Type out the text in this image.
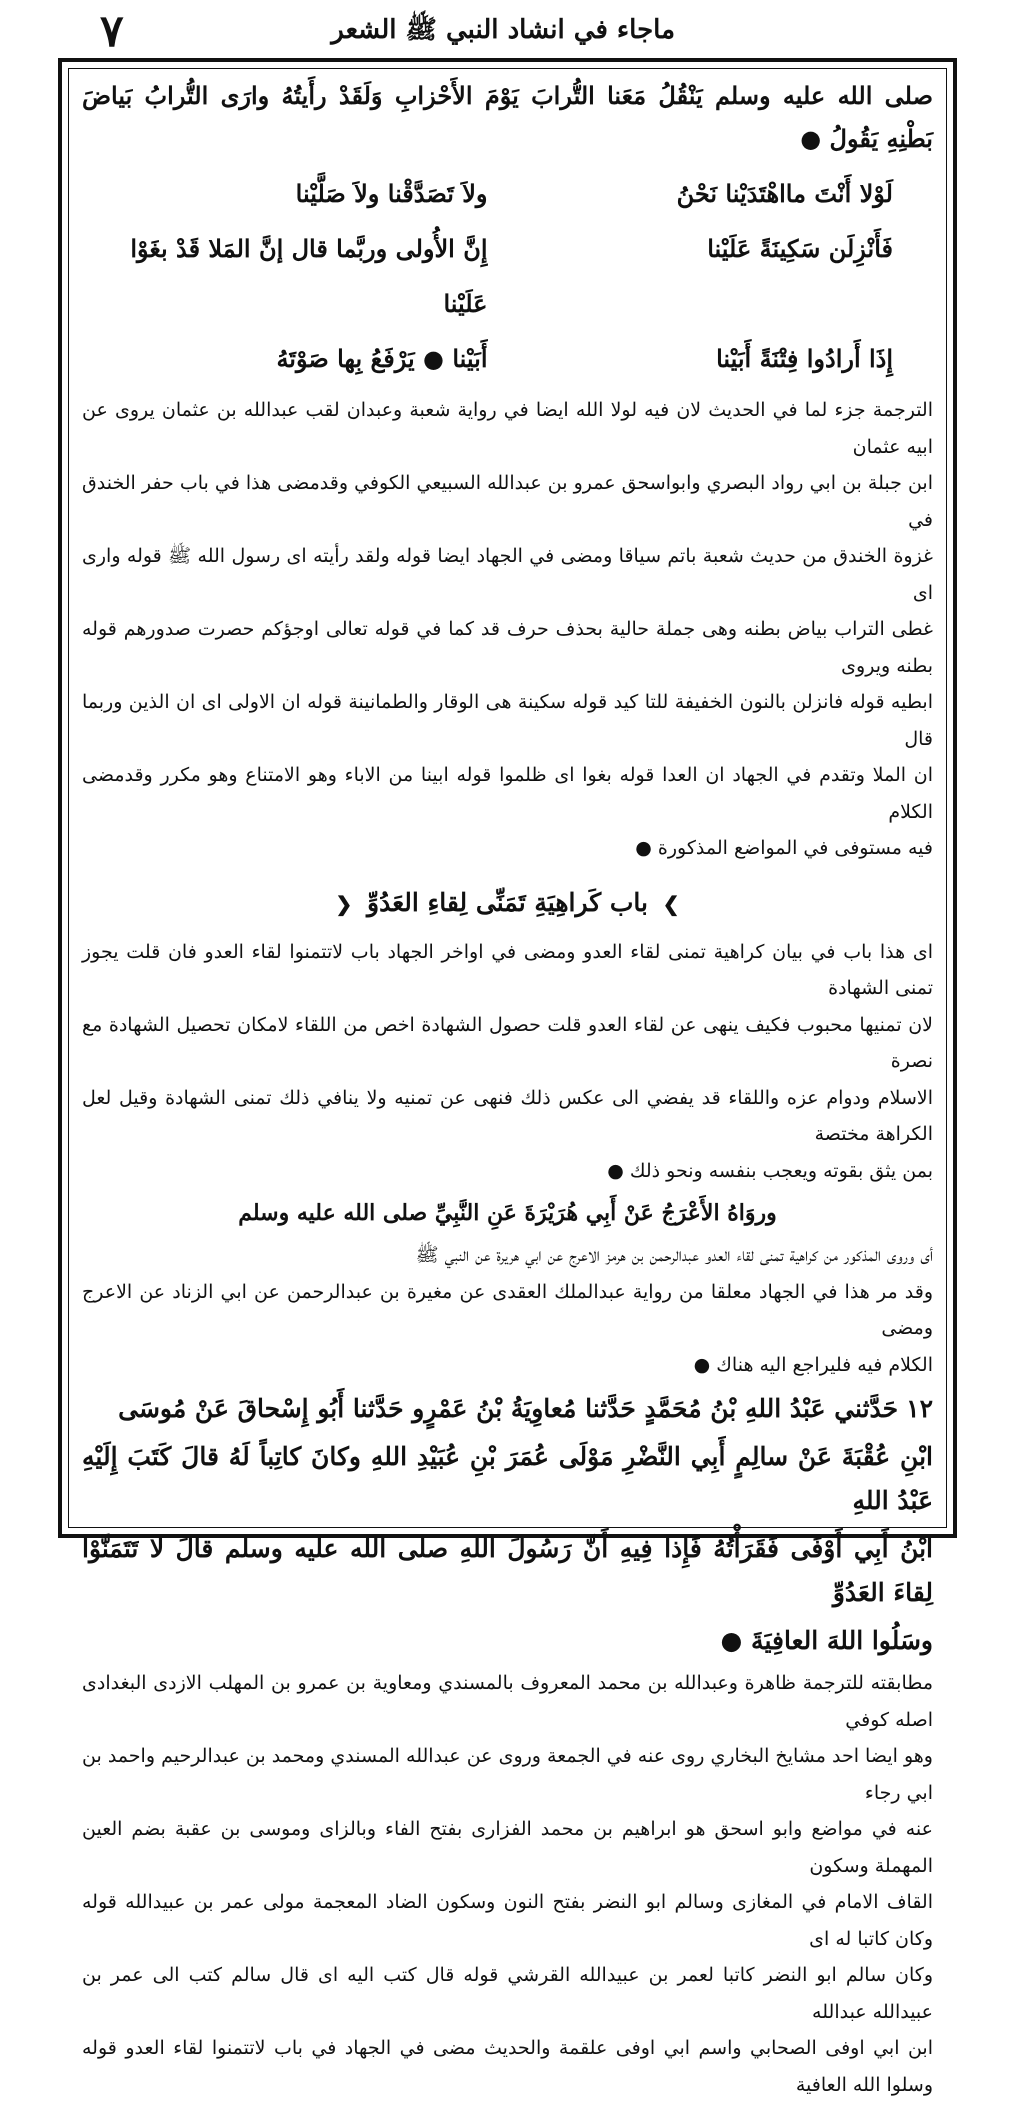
٧	ماجاء في انشاد النبي ﷺ الشعر

صلى الله عليه وسلم يَنْقُلُ مَعَنا التُّرابَ يَوْمَ الأَحْزابِ وَلَقَدْ رأَيتُهُ وارَى التُّرابُ بَياضَ بَطْنِهِ يَقُولُ ●

لَوْلا أَنْتَ مااهْتَدَيْنا نَحْنُ
ولاَ تَصَدَّقْنا ولاَ صَلَّيْنا
فَأَنْزِلَن سَكِينَةً عَلَيْنا
إِنَّ الأُولى وربَّما قال إنَّ المَلا قَدْ بغَوْا عَلَيْنا
إِذَا أَرادُوا فِتْنَةً أَبَيْنا
أَبَيْنا ● يَرْفَعُ بِها صَوْتَهُ

الترجمة جزء لما في الحديث لان فيه لولا الله ايضا في رواية شعبة وعبدان لقب عبدالله بن عثمان يروى عن ابيه عثمان

ابن جبلة بن ابي رواد البصري وابواسحق عمرو بن عبدالله السبيعي الكوفي وقدمضى هذا في باب حفر الخندق في

غزوة الخندق من حديث شعبة باتم سياقا ومضى في الجهاد ايضا قوله ولقد رأيته اى رسول الله ﷺ قوله وارى اى

غطى التراب بياض بطنه وهى جملة حالية بحذف حرف قد كما في قوله تعالى اوجؤكم حصرت صدورهم قوله بطنه ويروى

ابطيه قوله فانزلن بالنون الخفيفة للتا كيد قوله سكينة هى الوقار والطمانينة قوله ان الاولى اى ان الذين وربما قال

ان الملا وتقدم في الجهاد ان العدا قوله بغوا اى ظلموا قوله ابينا من الاباء وهو الامتناع وهو مكرر وقدمضى الكلام

فيه مستوفى في المواضع المذكورة ●

❯ باب كَراهِيَةِ تَمَنِّى لِقاءِ العَدُوِّ ❮

اى هذا باب في بيان كراهية تمنى لقاء العدو ومضى في اواخر الجهاد باب لاتتمنوا لقاء العدو فان قلت يجوز تمنى الشهادة

لان تمنيها محبوب فكيف ينهى عن لقاء العدو قلت حصول الشهادة اخص من اللقاء لامكان تحصيل الشهادة مع نصرة

الاسلام ودوام عزه واللقاء قد يفضي الى عكس ذلك فنهى عن تمنيه ولا ينافي ذلك تمنى الشهادة وقيل لعل الكراهة مختصة

بمن يثق بقوته ويعجب بنفسه ونحو ذلك ●

وروَاهُ الأَعْرَجُ عَنْ أَبِي هُرَيْرَةَ عَنِ النَّبِيِّ صلى الله عليه وسلم

أى وروى المذكور من كراهية تمنى لقاء العدو عبدالرحمن بن هرمز الاعرج عن ابي هريرة عن النبي ﷺ

وقد مر هذا في الجهاد معلقا من رواية عبدالملك العقدى عن مغيرة بن عبدالرحمن عن ابي الزناد عن الاعرج ومضى

الكلام فيه فليراجع اليه هناك ●

١٢حَدَّثني عَبْدُ اللهِ بْنُ مُحَمَّدٍ حَدَّثنا مُعاوِيَةُ بْنُ عَمْرٍو حَدَّثنا أَبُو إِسْحاقَ عَنْ مُوسَى

ابْنِ عُقْبَةَ عَنْ سالِمٍ أَبِي النَّضْرِ مَوْلَى عُمَرَ بْنِ عُبَيْدِ اللهِ وكانَ كاتِباً لَهُ قالَ كَتَبَ إِلَيْهِ عَبْدُ اللهِ

ابْنُ أَبِي أَوْفَى فَقَرَأْتُهُ فَإِذا فِيهِ أَنَّ رَسُولَ اللهِ صلى الله عليه وسلم قالَ لا تَتَمَنَّوْا لِقاءَ العَدُوِّ

وسَلُوا اللهَ العافِيَةَ ●

مطابقته للترجمة ظاهرة وعبدالله بن محمد المعروف بالمسندي ومعاوية بن عمرو بن المهلب الازدى البغدادى اصله كوفي

وهو ايضا احد مشايخ البخاري روى عنه في الجمعة وروى عن عبدالله المسندي ومحمد بن عبدالرحيم واحمد بن ابي رجاء

عنه في مواضع وابو اسحق هو ابراهيم بن محمد الفزارى بفتح الفاء وبالزاى وموسى بن عقبة بضم العين المهملة وسكون

القاف الامام في المغازى وسالم ابو النضر بفتح النون وسكون الضاد المعجمة مولى عمر بن عبيدالله قوله وكان كاتبا له اى

وكان سالم ابو النضر كاتبا لعمر بن عبيدالله القرشي قوله قال كتب اليه اى قال سالم كتب الى عمر بن عبيدالله عبدالله

ابن ابي اوفى الصحابي واسم ابي اوفى علقمة والحديث مضى في الجهاد في باب لاتتمنوا لقاء العدو قوله وسلوا الله العافية
